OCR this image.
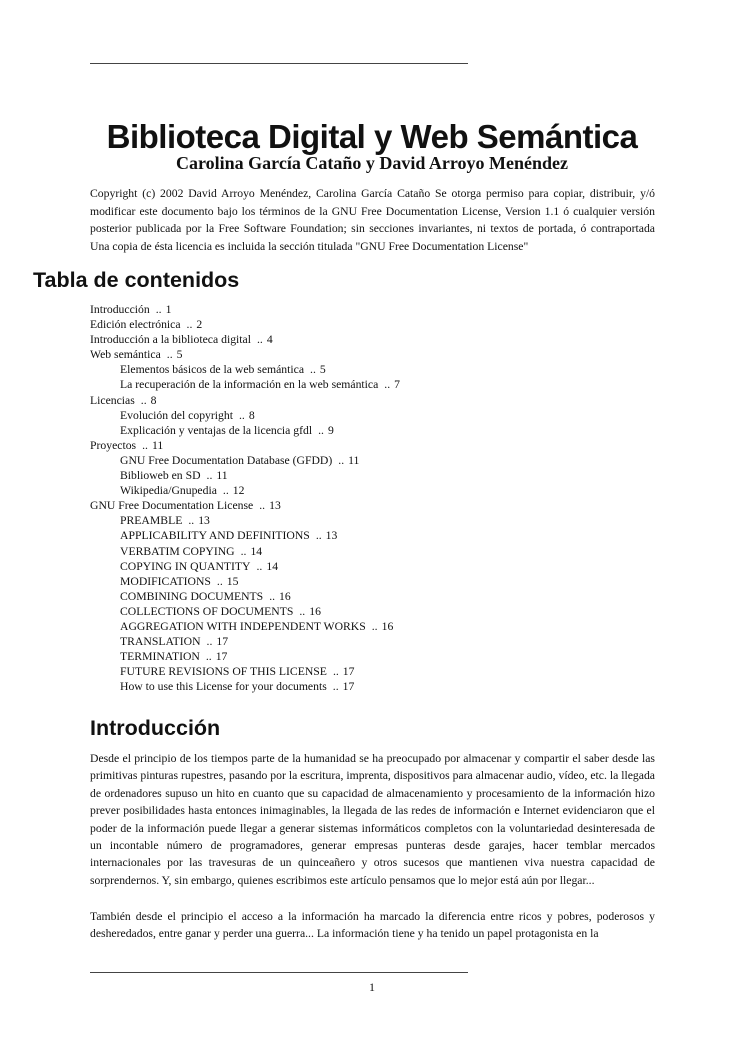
Biblioteca Digital y Web Semántica
Carolina García Cataño y David Arroyo Menéndez
Copyright (c) 2002 David Arroyo Menéndez, Carolina García Cataño Se otorga permiso para copiar, distribuir, y/ó modificar este documento bajo los términos de la GNU Free Documentation License, Version 1.1 ó cualquier versión posterior publicada por la Free Software Foundation; sin secciones invariantes, ni textos de portada, ó contraportada Una copia de ésta licencia es incluida la sección titulada "GNU Free Documentation License"
Tabla de contenidos
Introducción .. 1
Edición electrónica .. 2
Introducción a la biblioteca digital .. 4
Web semántica .. 5
Elementos básicos de la web semántica .. 5
La recuperación de la información en la web semántica .. 7
Licencias .. 8
Evolución del copyright .. 8
Explicación y ventajas de la licencia gfdl .. 9
Proyectos .. 11
GNU Free Documentation Database (GFDD) .. 11
Biblioweb en SD .. 11
Wikipedia/Gnupedia .. 12
GNU Free Documentation License .. 13
PREAMBLE .. 13
APPLICABILITY AND DEFINITIONS .. 13
VERBATIM COPYING .. 14
COPYING IN QUANTITY .. 14
MODIFICATIONS .. 15
COMBINING DOCUMENTS .. 16
COLLECTIONS OF DOCUMENTS .. 16
AGGREGATION WITH INDEPENDENT WORKS .. 16
TRANSLATION .. 17
TERMINATION .. 17
FUTURE REVISIONS OF THIS LICENSE .. 17
How to use this License for your documents .. 17
Introducción

Desde el principio de los tiempos parte de la humanidad se ha preocupado por almacenar y compartir el saber desde las primitivas pinturas rupestres, pasando por la escritura, imprenta, dispositivos para almacenar audio, vídeo, etc. la llegada de ordenadores supuso un hito en cuanto que su capacidad de almacenamiento y procesamiento de la información hizo prever posibilidades hasta entonces inimaginables, la llegada de las redes de información e Internet evidenciaron que el poder de la información puede llegar a generar sistemas informáticos completos con la voluntariedad desinteresada de un incontable número de programadores, generar empresas punteras desde garajes, hacer temblar mercados internacionales por las travesuras de un quinceañero y otros sucesos que mantienen viva nuestra capacidad de sorprendernos. Y, sin embargo, quienes escribimos este artículo pensamos que lo mejor está aún por llegar...

También desde el principio el acceso a la información ha marcado la diferencia entre ricos y pobres, poderosos y desheredados, entre ganar y perder una guerra... La información tiene y ha tenido un papel protagonista en la

1
